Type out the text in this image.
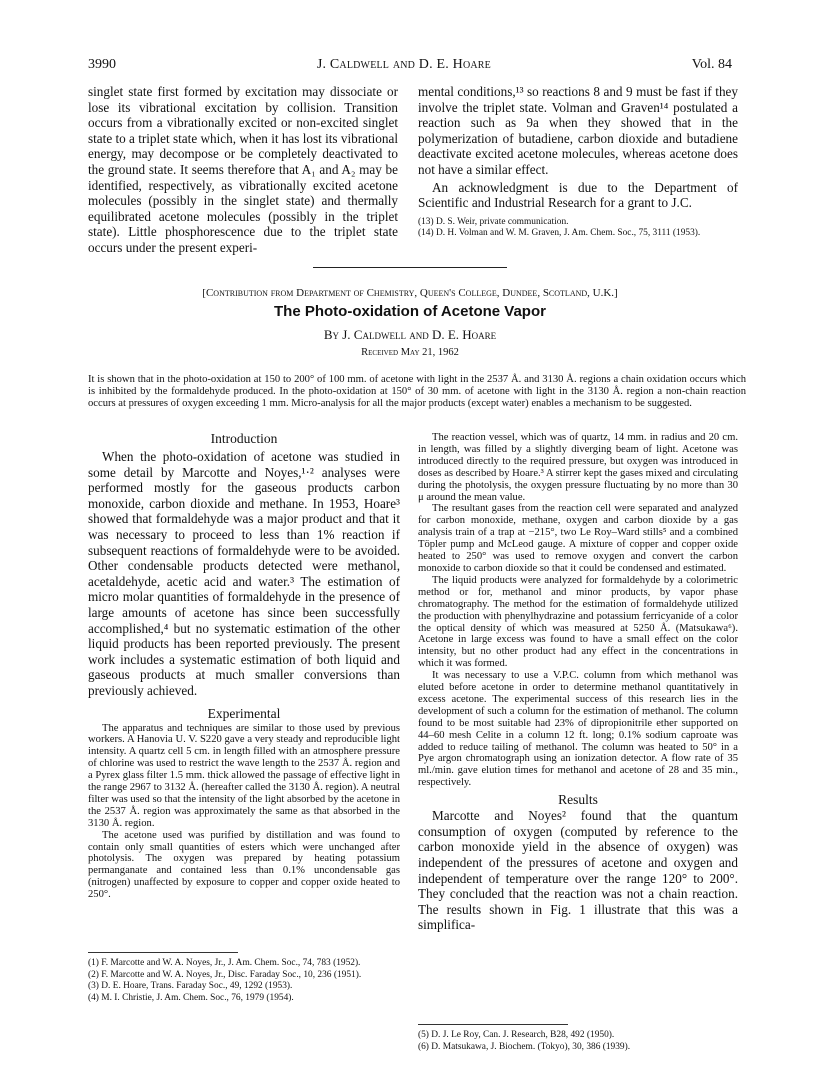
3990	J. Caldwell and D. E. Hoare	Vol. 84

singlet state first formed by excitation may dissociate or lose its vibrational excitation by collision. Transition occurs from a vibrationally excited or non-excited singlet state to a triplet state which, when it has lost its vibrational energy, may decompose or be completely deactivated to the ground state. It seems therefore that A₁ and A₂ may be identified, respectively, as vibrationally excited acetone molecules (possibly in the singlet state) and thermally equilibrated acetone molecules (possibly in the triplet state). Little phosphorescence due to the triplet state occurs under the present experi-

mental conditions,¹³ so reactions 8 and 9 must be fast if they involve the triplet state. Volman and Graven¹⁴ postulated a reaction such as 9a when they showed that in the polymerization of butadiene, carbon dioxide and butadiene deactivate excited acetone molecules, whereas acetone does not have a similar effect.

An acknowledgment is due to the Department of Scientific and Industrial Research for a grant to J.C.

(13) D. S. Weir, private communication.

(14) D. H. Volman and W. M. Graven, J. Am. Chem. Soc., 75, 3111 (1953).

[Contribution from Department of Chemistry, Queen's College, Dundee, Scotland, U.K.]
The Photo-oxidation of Acetone Vapor
By J. Caldwell and D. E. Hoare
Received May 21, 1962

It is shown that in the photo-oxidation at 150 to 200° of 100 mm. of acetone with light in the 2537 Å. and 3130 Å. regions a chain oxidation occurs which is inhibited by the formaldehyde produced. In the photo-oxidation at 150° of 30 mm. of acetone with light in the 3130 Å. region a non-chain reaction occurs at pressures of oxygen exceeding 1 mm. Micro-analysis for all the major products (except water) enables a mechanism to be suggested.

Introduction

When the photo-oxidation of acetone was studied in some detail by Marcotte and Noyes,¹·² analyses were performed mostly for the gaseous products carbon monoxide, carbon dioxide and methane. In 1953, Hoare³ showed that formaldehyde was a major product and that it was necessary to proceed to less than 1% reaction if subsequent reactions of formaldehyde were to be avoided. Other condensable products detected were methanol, acetaldehyde, acetic acid and water.³ The estimation of micro molar quantities of formaldehyde in the presence of large amounts of acetone has since been successfully accomplished,⁴ but no systematic estimation of the other liquid products has been reported previously. The present work includes a systematic estimation of both liquid and gaseous products at much smaller conversions than previously achieved.

Experimental

The apparatus and techniques are similar to those used by previous workers. A Hanovia U. V. S220 gave a very steady and reproducible light intensity. A quartz cell 5 cm. in length filled with an atmosphere pressure of chlorine was used to restrict the wave length to the 2537 Å. region and a Pyrex glass filter 1.5 mm. thick allowed the passage of effective light in the range 2967 to 3132 Å. (hereafter called the 3130 Å. region). A neutral filter was used so that the intensity of the light absorbed by the acetone in the 2537 Å. region was approximately the same as that absorbed in the 3130 Å. region.

The acetone used was purified by distillation and was found to contain only small quantities of esters which were unchanged after photolysis. The oxygen was prepared by heating potassium permanganate and contained less than 0.1% uncondensable gas (nitrogen) unaffected by exposure to copper and copper oxide heated to 250°.

(1) F. Marcotte and W. A. Noyes, Jr., J. Am. Chem. Soc., 74, 783 (1952).

(2) F. Marcotte and W. A. Noyes, Jr., Disc. Faraday Soc., 10, 236 (1951).

(3) D. E. Hoare, Trans. Faraday Soc., 49, 1292 (1953).

(4) M. I. Christie, J. Am. Chem. Soc., 76, 1979 (1954).

The reaction vessel, which was of quartz, 14 mm. in radius and 20 cm. in length, was filled by a slightly diverging beam of light. Acetone was introduced directly to the required pressure, but oxygen was introduced in doses as described by Hoare.³ A stirrer kept the gases mixed and circulating during the photolysis, the oxygen pressure fluctuating by no more than 30 μ around the mean value.

The resultant gases from the reaction cell were separated and analyzed for carbon monoxide, methane, oxygen and carbon dioxide by a gas analysis train of a trap at −215°, two Le Roy–Ward stills⁵ and a combined Töpler pump and McLeod gauge. A mixture of copper and copper oxide heated to 250° was used to remove oxygen and convert the carbon monoxide to carbon dioxide so that it could be condensed and estimated.

The liquid products were analyzed for formaldehyde by a colorimetric method or for, methanol and minor products, by vapor phase chromatography. The method for the estimation of formaldehyde utilized the production with phenylhydrazine and potassium ferricyanide of a color the optical density of which was measured at 5250 Å. (Matsukawa⁶). Acetone in large excess was found to have a small effect on the color intensity, but no other product had any effect in the concentrations in which it was formed.

It was necessary to use a V.P.C. column from which methanol was eluted before acetone in order to determine methanol quantitatively in excess acetone. The experimental success of this research lies in the development of such a column for the estimation of methanol. The column found to be most suitable had 23% of dipropionitrile ether supported on 44–60 mesh Celite in a column 12 ft. long; 0.1% sodium caproate was added to reduce tailing of methanol. The column was heated to 50° in a Pye argon chromatograph using an ionization detector. A flow rate of 35 ml./min. gave elution times for methanol and acetone of 28 and 35 min., respectively.

Results

Marcotte and Noyes² found that the quantum consumption of oxygen (computed by reference to the carbon monoxide yield in the absence of oxygen) was independent of the pressures of acetone and oxygen and independent of temperature over the range 120° to 200°. They concluded that the reaction was not a chain reaction. The results shown in Fig. 1 illustrate that this was a simplifica-

(5) D. J. Le Roy, Can. J. Research, B28, 492 (1950).

(6) D. Matsukawa, J. Biochem. (Tokyo), 30, 386 (1939).
